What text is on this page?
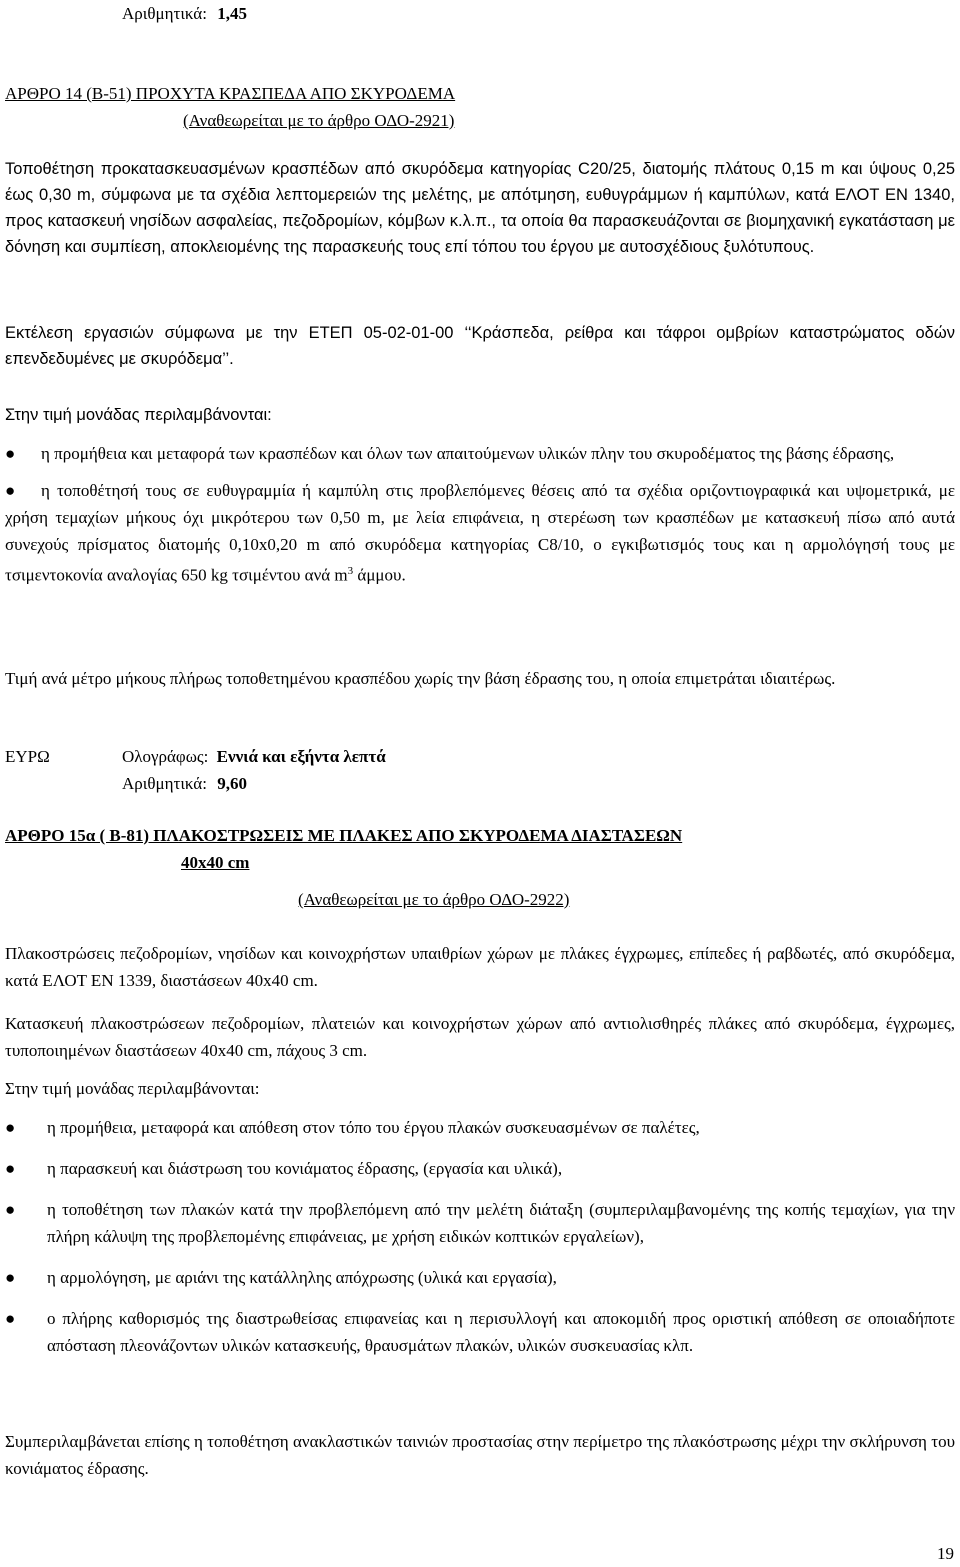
Αριθμητικά: 1,45
ΑΡΘΡΟ 14 (Β-51) ΠΡΟΧΥΤΑ ΚΡΑΣΠΕΔΑ ΑΠΟ ΣΚΥΡΟΔΕΜΑ
(Αναθεωρείται με το άρθρο ΟΔΟ-2921)

Τοποθέτηση προκατασκευασμένων κρασπέδων από σκυρόδεμα κατηγορίας C20/25, διατομής πλάτους 0,15 m και ύψους 0,25 έως 0,30 m, σύμφωνα με τα σχέδια λεπτομερειών της μελέτης, με απότμηση, ευθυγράμμων ή καμπύλων, κατά ΕΛΟΤ ΕΝ 1340, προς κατασκευή νησίδων ασφαλείας, πεζοδρομίων, κόμβων κ.λ.π., τα οποία θα παρασκευάζονται σε βιομηχανική εγκατάσταση με δόνηση και συμπίεση, αποκλειομένης της παρασκευής τους επί τόπου του έργου με αυτοσχέδιους ξυλότυπους.

Εκτέλεση εργασιών σύμφωνα με την ΕΤΕΠ 05-02-01-00 ‘‘Κράσπεδα, ρείθρα και τάφροι ομβρίων καταστρώματος οδών επενδεδυμένες με σκυρόδεμα’’.

Στην τιμή μονάδας περιλαμβάνονται:
● η προμήθεια και μεταφορά των κρασπέδων και όλων των απαιτούμενων υλικών πλην του σκυροδέματος της βάσης έδρασης,
● η τοποθέτησή τους σε ευθυγραμμία ή καμπύλη στις προβλεπόμενες θέσεις από τα σχέδια οριζοντιογραφικά και υψομετρικά, με χρήση τεμαχίων μήκους όχι μικρότερου των 0,50 m, με λεία επιφάνεια, η στερέωση των κρασπέδων με κατασκευή πίσω από αυτά συνεχούς πρίσματος διατομής 0,10x0,20 m από σκυρόδεμα κατηγορίας C8/10, ο εγκιβωτισμός τους και η αρμολόγησή τους με τσιμεντοκονία αναλογίας 650 kg τσιμέντου ανά $m^3$ άμμου.

Τιμή ανά μέτρο μήκους πλήρως τοποθετημένου κρασπέδου χωρίς την βάση έδρασης του, η οποία επιμετράται ιδιαιτέρως.

ΕΥΡΩ	Ολογράφως: Εννιά και εξήντα λεπτά
Αριθμητικά: 9,60
ΑΡΘΡΟ 15α ( Β-81) ΠΛΑΚΟΣΤΡΩΣΕΙΣ ΜΕ ΠΛΑΚΕΣ ΑΠΟ ΣΚΥΡΟΔΕΜΑ ΔΙΑΣΤΑΣΕΩΝ
40x40 cm
(Αναθεωρείται με το άρθρο ΟΔΟ-2922)

Πλακοστρώσεις πεζοδρομίων, νησίδων και κοινοχρήστων υπαιθρίων χώρων με πλάκες έγχρωμες, επίπεδες ή ραβδωτές, από σκυρόδεμα, κατά ΕΛΟΤ ΕΝ 1339, διαστάσεων 40x40 cm.

Κατασκευή πλακοστρώσεων πεζοδρομίων, πλατειών και κοινοχρήστων χώρων από αντιολισθηρές πλάκες από σκυρόδεμα, έγχρωμες, τυποποιημένων διαστάσεων 40x40 cm, πάχους 3 cm.

Στην τιμή μονάδας περιλαμβάνονται:
●	η προμήθεια, μεταφορά και απόθεση στον τόπο του έργου πλακών συσκευασμένων σε παλέτες,
●	η παρασκευή και διάστρωση του κονιάματος έδρασης, (εργασία και υλικά),
●	η τοποθέτηση των πλακών κατά την προβλεπόμενη από την μελέτη διάταξη (συμπεριλαμβανομένης της κοπής τεμαχίων, για την πλήρη κάλυψη της προβλεπομένης επιφάνειας, με χρήση ειδικών κοπτικών εργαλείων),
●	η αρμολόγηση, με αριάνι της κατάλληλης απόχρωσης (υλικά και εργασία),
●	ο πλήρης καθορισμός της διαστρωθείσας επιφανείας και η περισυλλογή και αποκομιδή προς οριστική απόθεση σε οποιαδήποτε απόσταση πλεονάζοντων υλικών κατασκευής, θραυσμάτων πλακών, υλικών συσκευασίας κλπ.

Συμπεριλαμβάνεται επίσης η τοποθέτηση ανακλαστικών ταινιών προστασίας στην περίμετρο της πλακόστρωσης μέχρι την σκλήρυνση του κονιάματος έδρασης.

19
